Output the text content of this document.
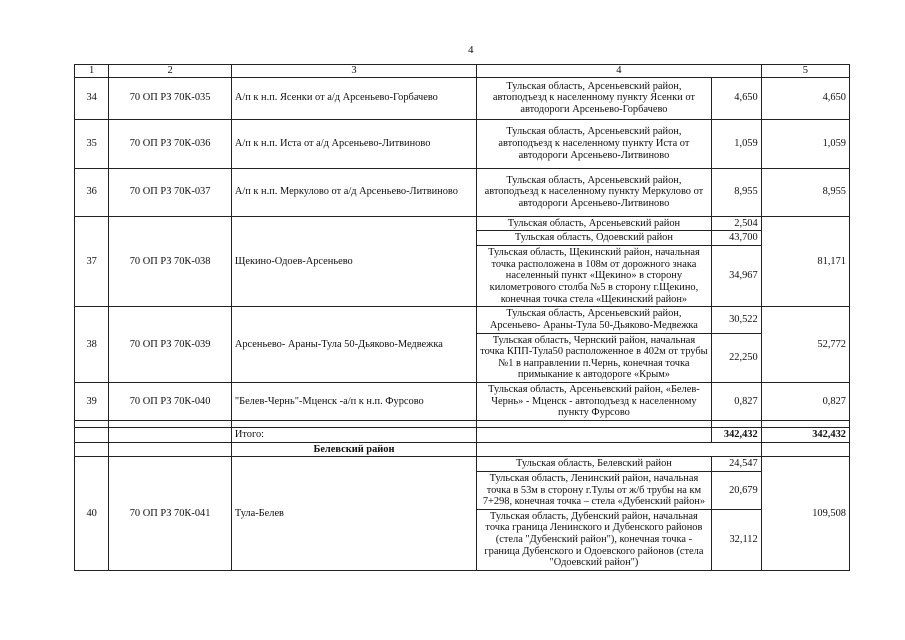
4
1	2	3	4		5
34	70 ОП РЗ 70К-035	А/п к н.п. Ясенки от а/д Арсеньево-Горбачево	Тульская область, Арсеньевский район, автоподъезд к населенному пункту Ясенки от автодороги Арсеньево-Горбачево	4,650	4,650
35	70 ОП РЗ 70К-036	А/п к н.п. Иста от а/д Арсеньево-Литвиново	Тульская область, Арсеньевский район, автоподъезд к населенному пункту Иста от автодороги Арсеньево-Литвиново	1,059	1,059
36	70 ОП РЗ 70К-037	А/п к н.п. Меркулово от а/д Арсеньево-Литвиново	Тульская область, Арсеньевский район, автоподъезд к населенному пункту Меркулово от автодороги Арсеньево-Литвиново	8,955	8,955
37	70 ОП РЗ 70К-038	Щекино-Одоев-Арсеньево	Тульская область, Арсеньевский район	2,504	81,171
			Тульская область, Одоевский район	43,700	
			Тульская область, Щекинский район, начальная точка расположена в 108м от дорожного знака населенный пункт «Щекино» в сторону километрового столба №5 в сторону г.Щекино, конечная точка стела «Щекинский район»	34,967	
38	70 ОП РЗ 70К-039	Арсеньево- Араны-Тула 50-Дьяково-Медвежка	Тульская область, Арсеньевский район, Арсеньево- Араны-Тула 50-Дьяково-Медвежка	30,522	52,772
			Тульская область, Чернский район, начальная точка КПП-Тула50 расположенное в 402м от трубы №1 в направлении п.Чернь, конечная точка примыкание к автодороге «Крым»	22,250	
39	70 ОП РЗ 70К-040	"Белев-Чернь"-Мценск -а/п к н.п. Фурсово	Тульская область, Арсеньевский район, «Белев-Чернь» - Мценск - автоподъезд к населенному пункту Фурсово	0,827	0,827

		Итого:		342,432	342,432
		Белевский район			
40	70 ОП РЗ 70К-041	Тула-Белев	Тульская область, Белевский район	24,547	109,508
			Тульская область, Ленинский район, начальная точка в 53м в сторону г.Тулы от ж/б трубы на км 7+298, конечная точка – стела «Дубенский район»	20,679	
			Тульская область, Дубенский район, начальная точка граница Ленинского и Дубенского районов (стела "Дубенский район"), конечная точка - граница Дубенского и Одоевского районов (стела "Одоевский район")	32,112	
